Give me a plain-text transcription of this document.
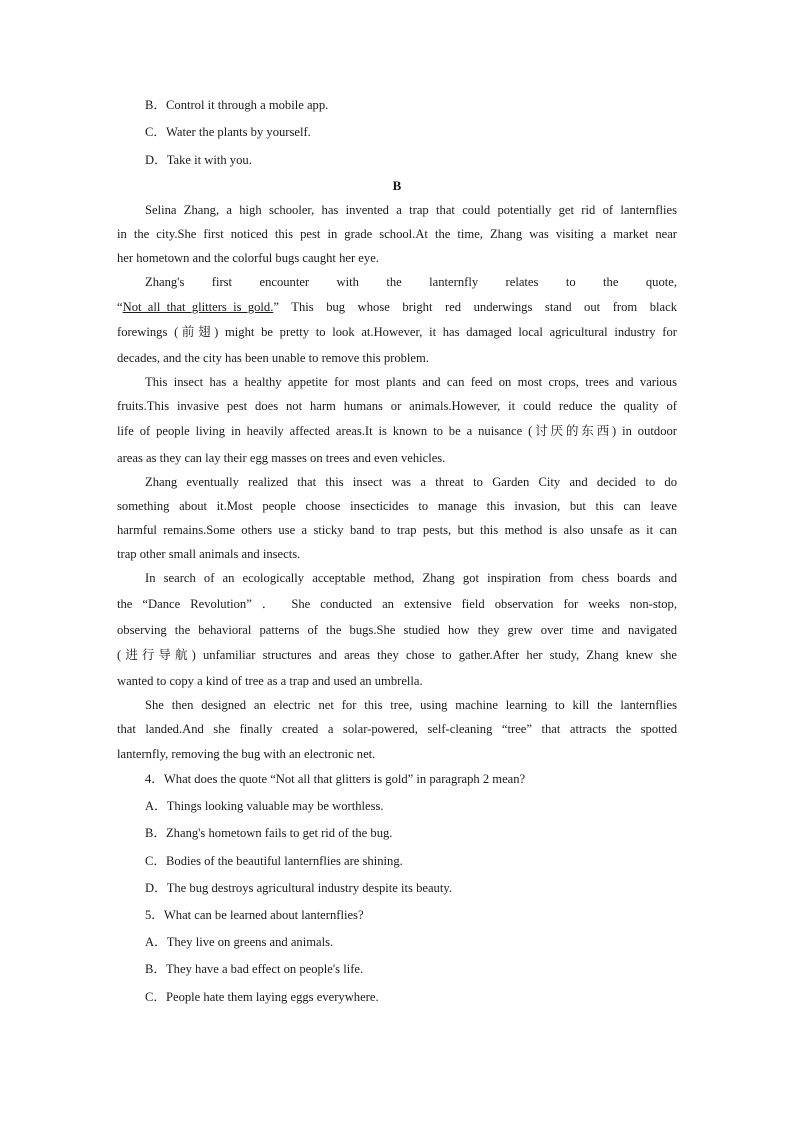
B．Control it through a mobile app.
C．Water the plants by yourself.
D．Take it with you.
B
Selina Zhang, a high schooler, has invented a trap that could potentially get rid of lanternflies
in the city.She first noticed this pest in grade school.At the time, Zhang was visiting a market near
her hometown and the colorful bugs caught her eye.
Zhang's first encounter with the lanternfly relates to the quote,
“Not_all_that_glitters_is_gold.” This bug whose bright red underwings stand out from black
forewings (前翅) might be pretty to look at.However, it has damaged local agricultural industry for
decades, and the city has been unable to remove this problem.
This insect has a healthy appetite for most plants and can feed on most crops, trees and various
fruits.This invasive pest does not harm humans or animals.However, it could reduce the quality of
life of people living in heavily affected areas.It is known to be a nuisance (讨厌的东西) in outdoor
areas as they can lay their egg masses on trees and even vehicles.
Zhang eventually realized that this insect was a threat to Garden City and decided to do
something about it.Most people choose insecticides to manage this invasion, but this can leave
harmful remains.Some others use a sticky band to trap pests, but this method is also unsafe as it can
trap other small animals and insects.
In search of an ecologically acceptable method, Zhang got inspiration from chess boards and
the “Dance Revolution” ． She conducted an extensive field observation for weeks non-stop,
observing the behavioral patterns of the bugs.She studied how they grew over time and navigated
(进行导航) unfamiliar structures and areas they chose to gather.After her study, Zhang knew she
wanted to copy a kind of tree as a trap and used an umbrella.
She then designed an electric net for this tree, using machine learning to kill the lanternflies
that landed.And she finally created a solar-powered, self-cleaning “tree” that attracts the spotted
lanternfly, removing the bug with an electronic net.
4．What does the quote “Not all that glitters is gold” in paragraph 2 mean?
A．Things looking valuable may be worthless.
B．Zhang's hometown fails to get rid of the bug.
C．Bodies of the beautiful lanternflies are shining.
D．The bug destroys agricultural industry despite its beauty.
5．What can be learned about lanternflies?
A．They live on greens and animals.
B．They have a bad effect on people's life.
C．People hate them laying eggs everywhere.
